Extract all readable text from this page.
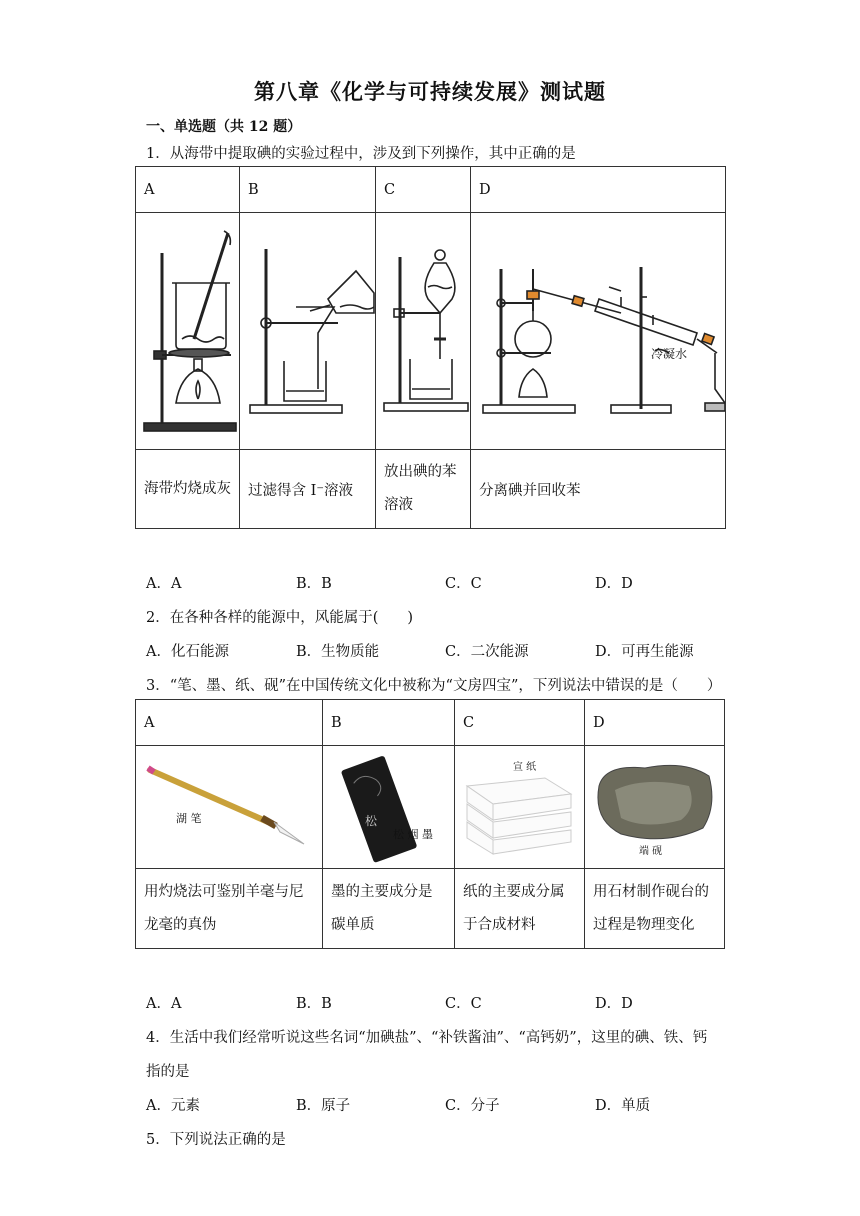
第八章《化学与可持续发展》测试题
一、单选题（共 12 题）
1．从海带中提取碘的实验过程中，涉及到下列操作，其中正确的是
A	B	C	D

冷凝水

海带灼烧成灰	过滤得含 I⁻溶液	放出碘的苯溶液	分离碘并回收苯
A．A	B．B	C．C	D．D
2．在各种各样的能源中，风能属于(　　)
A．化石能源	B．生物质能	C．二次能源	D．可再生能源
3．“笔、墨、纸、砚”在中国传统文化中被称为“文房四宝”，下列说法中错误的是（　　）
A	B	C	D

湖 笔	松
松 烟 墨	宣 纸	端 砚

用灼烧法可鉴别羊毫与尼龙毫的真伪	墨的主要成分是碳单质	纸的主要成分属于合成材料	用石材制作砚台的过程是物理变化
A．A	B．B	C．C	D．D
4．生活中我们经常听说这些名词“加碘盐”、“补铁酱油”、“高钙奶”，这里的碘、铁、钙
指的是
A．元素	B．原子	C．分子	D．单质
5．下列说法正确的是
